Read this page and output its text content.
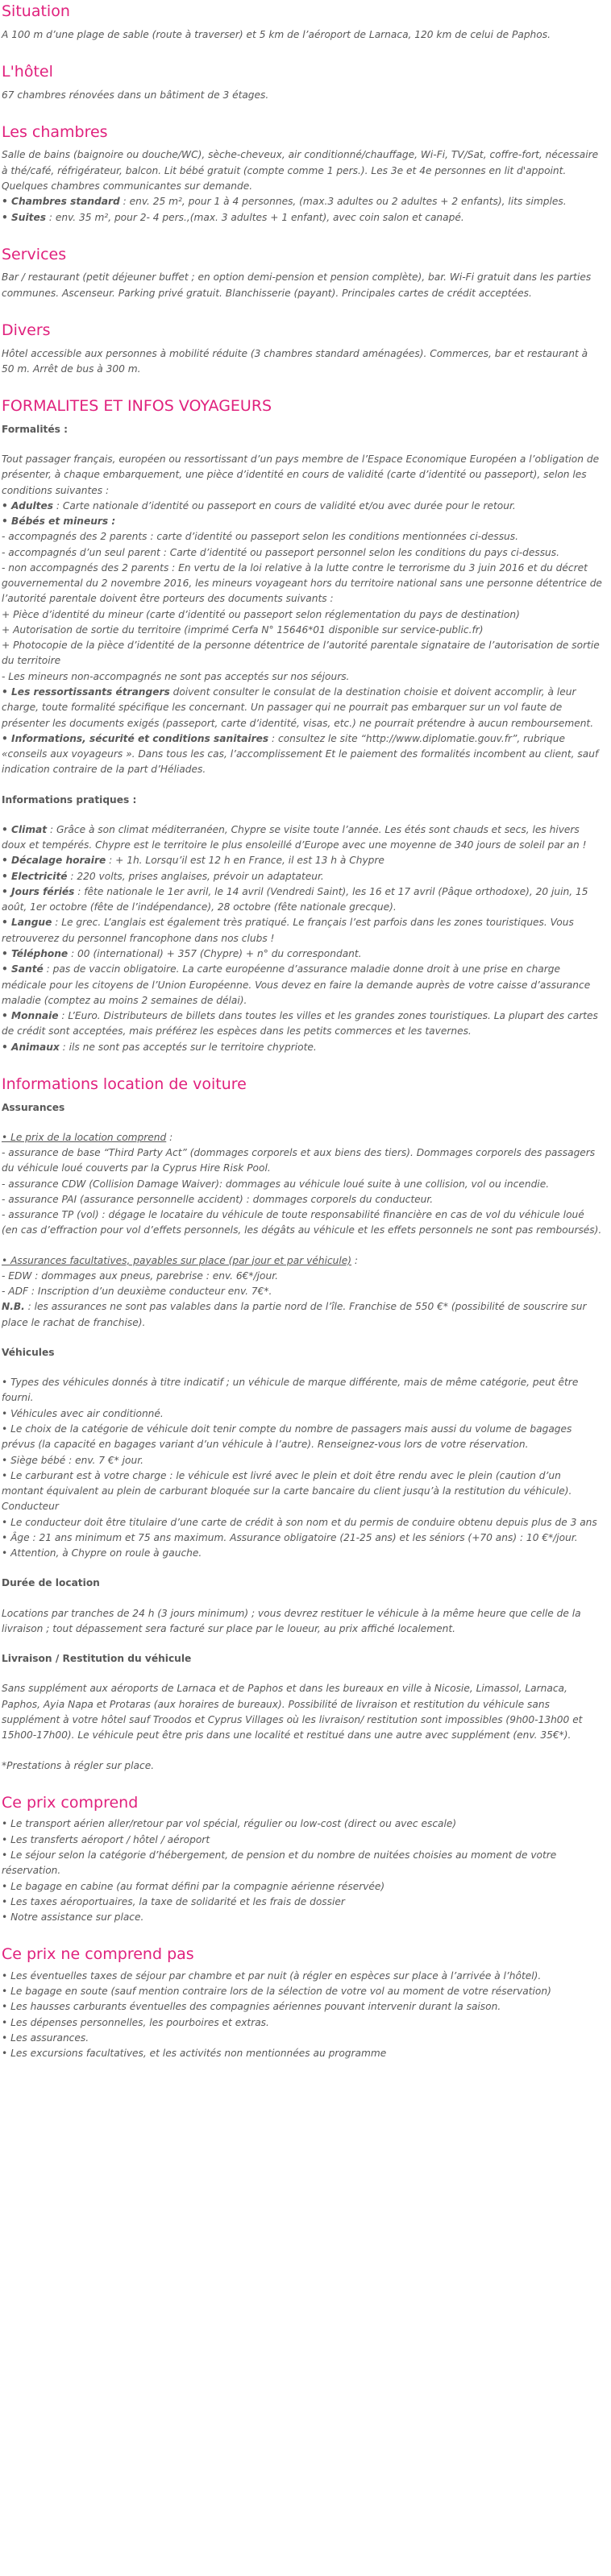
Situation

A 100 m d’une plage de sable (route à traverser) et 5 km de l’aéroport de Larnaca, 120 km de celui de Paphos.

L'hôtel

67 chambres rénovées dans un bâtiment de 3 étages.

Les chambres
Salle de bains (baignoire ou douche/WC), sèche-cheveux, air conditionné/chauffage, Wi-Fi, TV/Sat, coffre-fort, nécessaire à thé/café, réfrigérateur, balcon. Lit bébé gratuit (compte comme 1 pers.). Les 3e et 4e personnes en lit d'appoint. Quelques chambres communicantes sur demande.
• Chambres standard : env. 25 m², pour 1 à 4 personnes, (max.3 adultes ou 2 adultes + 2 enfants), lits simples.
• Suites : env. 35 m², pour 2- 4 pers.,(max. 3 adultes + 1 enfant), avec coin salon et canapé.
Services

Bar / restaurant (petit déjeuner buffet ; en option demi-pension et pension complète), bar. Wi-Fi gratuit dans les parties communes. Ascenseur. Parking privé gratuit. Blanchisserie (payant). Principales cartes de crédit acceptées.

Divers

Hôtel accessible aux personnes à mobilité réduite (3 chambres standard aménagées). Commerces, bar et restaurant à 50 m. Arrêt de bus à 300 m.

FORMALITES ET INFOS VOYAGEURS
Formalités :
Tout passager français, européen ou ressortissant d’un pays membre de l’Espace Economique Européen a l’obligation de présenter, à chaque embarquement, une pièce d’identité en cours de validité (carte d’identité ou passeport), selon les conditions suivantes :
• Adultes : Carte nationale d’identité ou passeport en cours de validité et/ou avec durée pour le retour.
• Bébés et mineurs :
- accompagnés des 2 parents : carte d’identité ou passeport selon les conditions mentionnées ci-dessus.
- accompagnés d’un seul parent : Carte d’identité ou passeport personnel selon les conditions du pays ci-dessus.
- non accompagnés des 2 parents : En vertu de la loi relative à la lutte contre le terrorisme du 3 juin 2016 et du décret gouvernemental du 2 novembre 2016, les mineurs voyageant hors du territoire national sans une personne détentrice de l’autorité parentale doivent être porteurs des documents suivants :
+ Pièce d’identité du mineur (carte d’identité ou passeport selon réglementation du pays de destination)
+ Autorisation de sortie du territoire (imprimé Cerfa N° 15646*01 disponible sur service-public.fr)
+ Photocopie de la pièce d’identité de la personne détentrice de l’autorité parentale signataire de l’autorisation de sortie du territoire
- Les mineurs non-accompagnés ne sont pas acceptés sur nos séjours.
• Les ressortissants étrangers doivent consulter le consulat de la destination choisie et doivent accomplir, à leur charge, toute formalité spécifique les concernant. Un passager qui ne pourrait pas embarquer sur un vol faute de présenter les documents exigés (passeport, carte d’identité, visas, etc.) ne pourrait prétendre à aucun remboursement.
• Informations, sécurité et conditions sanitaires : consultez le site “http://www.diplomatie.gouv.fr”, rubrique «conseils aux voyageurs ». Dans tous les cas, l’accomplissement Et le paiement des formalités incombent au client, sauf indication contraire de la part d’Héliades.
Informations pratiques :
• Climat : Grâce à son climat méditerranéen, Chypre se visite toute l’année. Les étés sont chauds et secs, les hivers doux et tempérés. Chypre est le territoire le plus ensoleillé d’Europe avec une moyenne de 340 jours de soleil par an !
• Décalage horaire : + 1h. Lorsqu’il est 12 h en France, il est 13 h à Chypre
• Electricité : 220 volts, prises anglaises, prévoir un adaptateur.
• Jours fériés : fête nationale le 1er avril, le 14 avril (Vendredi Saint), les 16 et 17 avril (Pâque orthodoxe), 20 juin, 15 août, 1er octobre (fête de l’indépendance), 28 octobre (fête nationale grecque).
• Langue : Le grec. L’anglais est également très pratiqué. Le français l’est parfois dans les zones touristiques. Vous retrouverez du personnel francophone dans nos clubs !
• Téléphone : 00 (international) + 357 (Chypre) + n° du correspondant.
• Santé : pas de vaccin obligatoire. La carte européenne d’assurance maladie donne droit à une prise en charge médicale pour les citoyens de l’Union Européenne. Vous devez en faire la demande auprès de votre caisse d’assurance maladie (comptez au moins 2 semaines de délai).
• Monnaie : L’Euro. Distributeurs de billets dans toutes les villes et les grandes zones touristiques. La plupart des cartes de crédit sont acceptées, mais préférez les espèces dans les petits commerces et les tavernes.
• Animaux : ils ne sont pas acceptés sur le territoire chypriote.
Informations location de voiture
Assurances
• Le prix de la location comprend :
- assurance de base “Third Party Act” (dommages corporels et aux biens des tiers). Dommages corporels des passagers du véhicule loué couverts par la Cyprus Hire Risk Pool.
- assurance CDW (Collision Damage Waiver): dommages au véhicule loué suite à une collision, vol ou incendie.
- assurance PAI (assurance personnelle accident) : dommages corporels du conducteur.
- assurance TP (vol) : dégage le locataire du véhicule de toute responsabilité financière en cas de vol du véhicule loué (en cas d’effraction pour vol d’effets personnels, les dégâts au véhicule et les effets personnels ne sont pas remboursés).
• Assurances facultatives, payables sur place (par jour et par véhicule) :
- EDW : dommages aux pneus, parebrise : env. 6€*/jour.
- ADF : Inscription d’un deuxième conducteur env. 7€*.
N.B. : les assurances ne sont pas valables dans la partie nord de l’île. Franchise de 550 €* (possibilité de souscrire sur place le rachat de franchise).
Véhicules
• Types des véhicules donnés à titre indicatif ; un véhicule de marque différente, mais de même catégorie, peut être fourni.
• Véhicules avec air conditionné.
• Le choix de la catégorie de véhicule doit tenir compte du nombre de passagers mais aussi du volume de bagages prévus (la capacité en bagages variant d’un véhicule à l’autre). Renseignez-vous lors de votre réservation.
• Siège bébé : env. 7 €* jour.
• Le carburant est à votre charge : le véhicule est livré avec le plein et doit être rendu avec le plein (caution d’un montant équivalent au plein de carburant bloquée sur la carte bancaire du client jusqu’à la restitution du véhicule). Conducteur
• Le conducteur doit être titulaire d’une carte de crédit à son nom et du permis de conduire obtenu depuis plus de 3 ans
• Âge : 21 ans minimum et 75 ans maximum. Assurance obligatoire (21-25 ans) et les séniors (+70 ans) : 10 €*/jour.
• Attention, à Chypre on roule à gauche.
Durée de location
Locations par tranches de 24 h (3 jours minimum) ; vous devrez restituer le véhicule à la même heure que celle de la livraison ; tout dépassement sera facturé sur place par le loueur, au prix affiché localement.
Livraison / Restitution du véhicule
Sans supplément aux aéroports de Larnaca et de Paphos et dans les bureaux en ville à Nicosie, Limassol, Larnaca, Paphos, Ayia Napa et Protaras (aux horaires de bureaux). Possibilité de livraison et restitution du véhicule sans supplément à votre hôtel sauf Troodos et Cyprus Villages où les livraison/ restitution sont impossibles (9h00-13h00 et 15h00-17h00). Le véhicule peut être pris dans une localité et restitué dans une autre avec supplément (env. 35€*).
*Prestations à régler sur place.
Ce prix comprend
• Le transport aérien aller/retour par vol spécial, régulier ou low-cost (direct ou avec escale)
• Les transferts aéroport / hôtel / aéroport
• Le séjour selon la catégorie d’hébergement, de pension et du nombre de nuitées choisies au moment de votre réservation.
• Le bagage en cabine (au format défini par la compagnie aérienne réservée)
• Les taxes aéroportuaires, la taxe de solidarité et les frais de dossier
• Notre assistance sur place.
Ce prix ne comprend pas
• Les éventuelles taxes de séjour par chambre et par nuit (à régler en espèces sur place à l’arrivée à l’hôtel).
• Le bagage en soute (sauf mention contraire lors de la sélection de votre vol au moment de votre réservation)
• Les hausses carburants éventuelles des compagnies aériennes pouvant intervenir durant la saison.
• Les dépenses personnelles, les pourboires et extras.
• Les assurances.
• Les excursions facultatives, et les activités non mentionnées au programme
